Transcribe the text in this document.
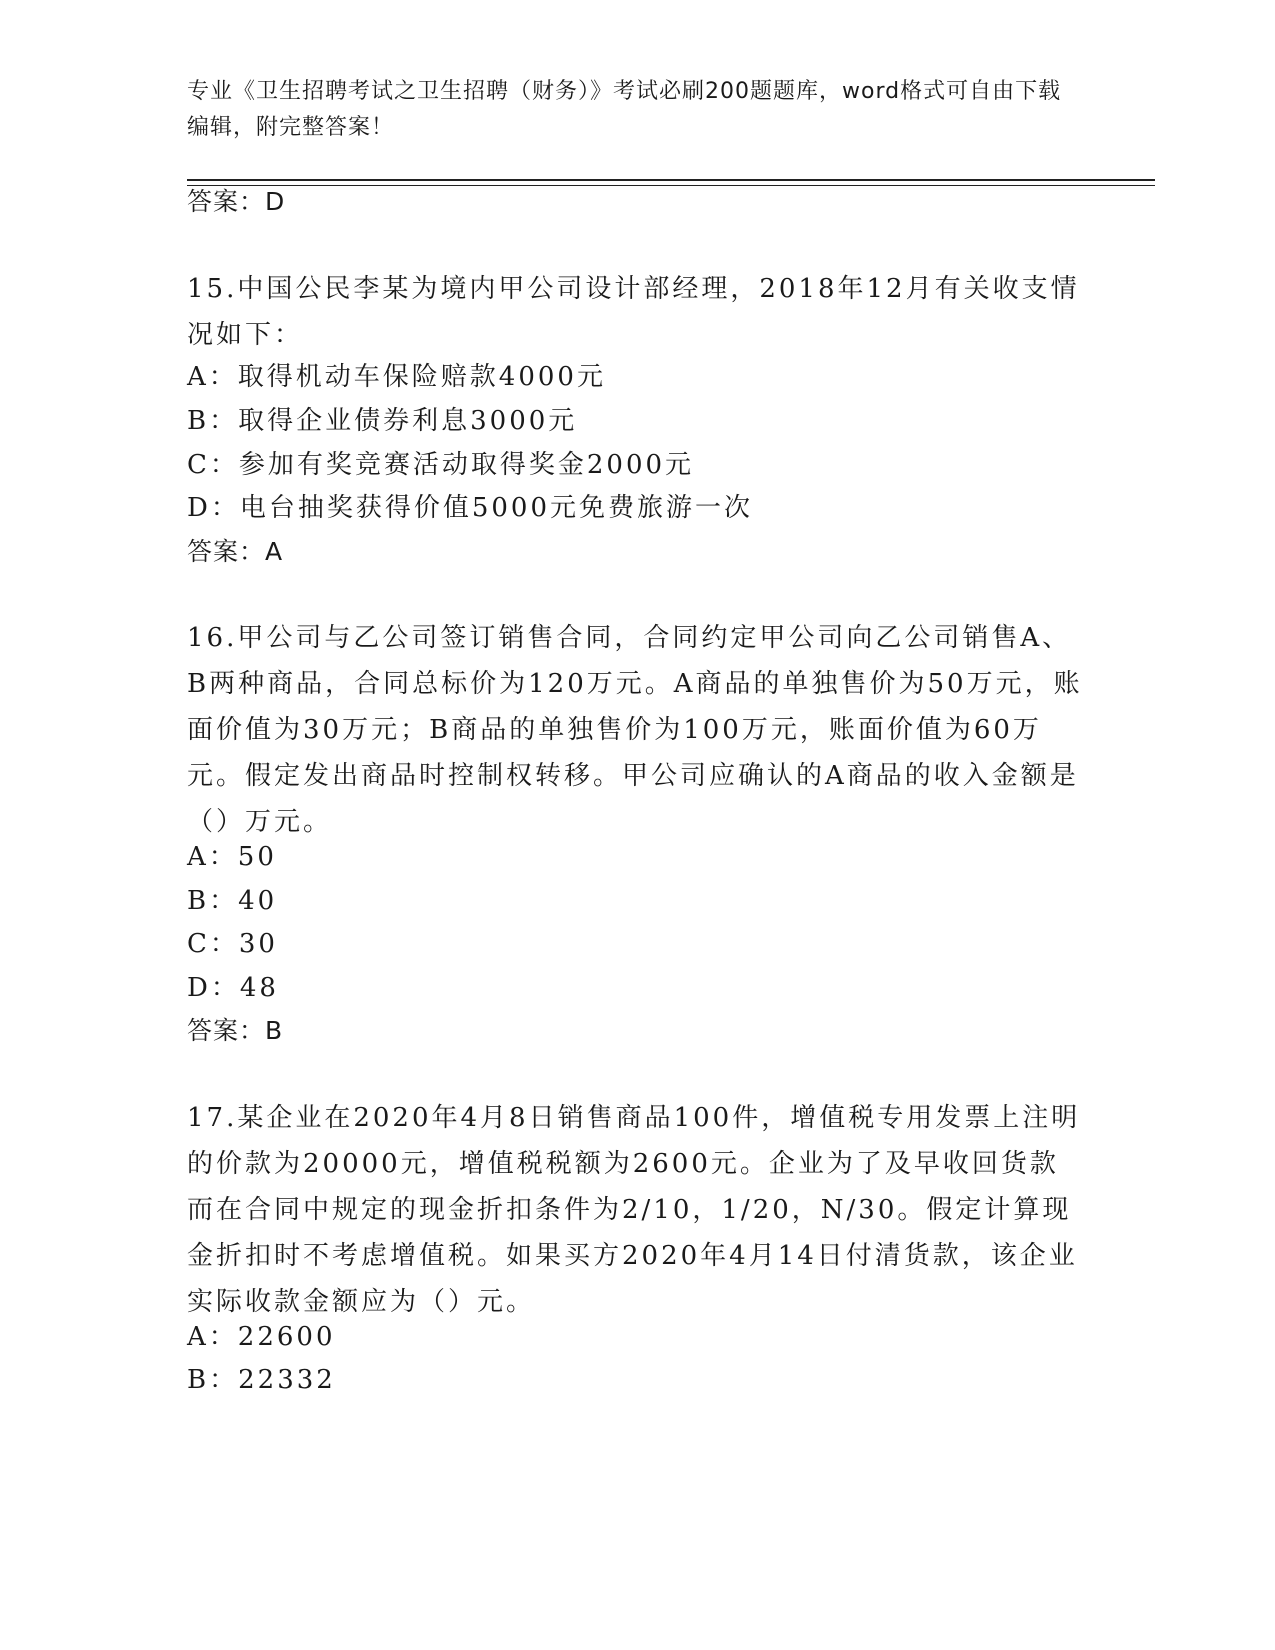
专业《卫生招聘考试之卫生招聘（财务）》考试必刷200题题库，word格式可自由下载编辑，附完整答案！
答案：D
15.中国公民李某为境内甲公司设计部经理，2018年12月有关收支情况如下：
A：取得机动车保险赔款4000元
B：取得企业债券利息3000元
C：参加有奖竞赛活动取得奖金2000元
D：电台抽奖获得价值5000元免费旅游一次
答案：A
16.甲公司与乙公司签订销售合同，合同约定甲公司向乙公司销售A、B两种商品，合同总标价为120万元。A商品的单独售价为50万元，账面价值为30万元；B商品的单独售价为100万元，账面价值为60万元。假定发出商品时控制权转移。甲公司应确认的A商品的收入金额是（）万元。
A：50
B：40
C：30
D：48
答案：B
17.某企业在2020年4月8日销售商品100件，增值税专用发票上注明的价款为20000元，增值税税额为2600元。企业为了及早收回货款而在合同中规定的现金折扣条件为2/10，1/20，N/30。假定计算现金折扣时不考虑增值税。如果买方2020年4月14日付清货款，该企业实际收款金额应为（）元。
A：22600
B：22332
